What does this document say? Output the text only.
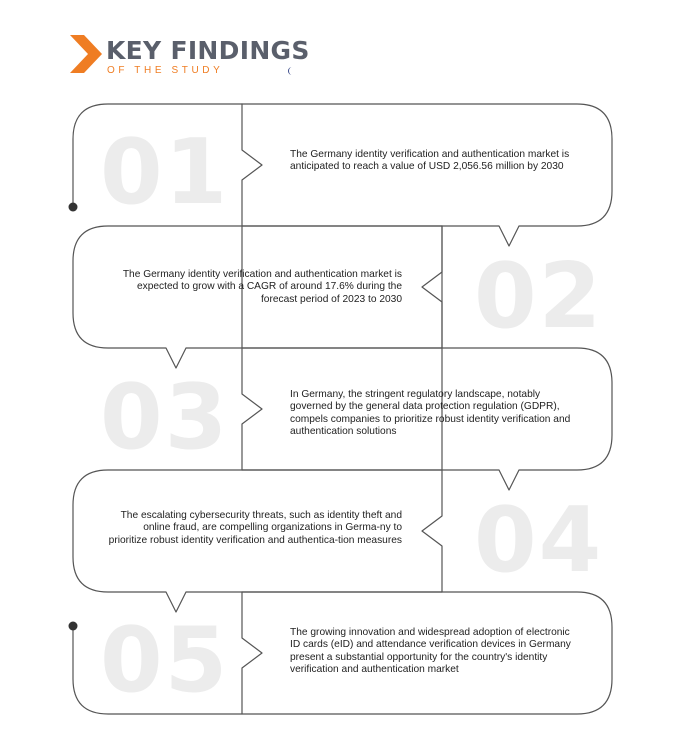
KEY FINDINGS
OF THE STUDY
01	The Germany identity verification and authentication market is anticipated to reach a value of USD 2,056.56 million by 2030
02
The Germany identity verification and authentication market is expected to grow with a CAGR of around 17.6% during the forecast period of 2023 to 2030
03	In Germany, the stringent regulatory landscape, notably governed by the general data protection regulation (GDPR), compels companies to prioritize robust identity verification and authentication solutions
04
The escalating cybersecurity threats, such as identity theft and online fraud, are compelling organizations in Germa-ny to prioritize robust identity verification and authentica-tion measures
05	The growing innovation and widespread adoption of electronic ID cards (eID) and attendance verification devices in Germany present a substantial opportunity for the country's identity verification and authentication market
